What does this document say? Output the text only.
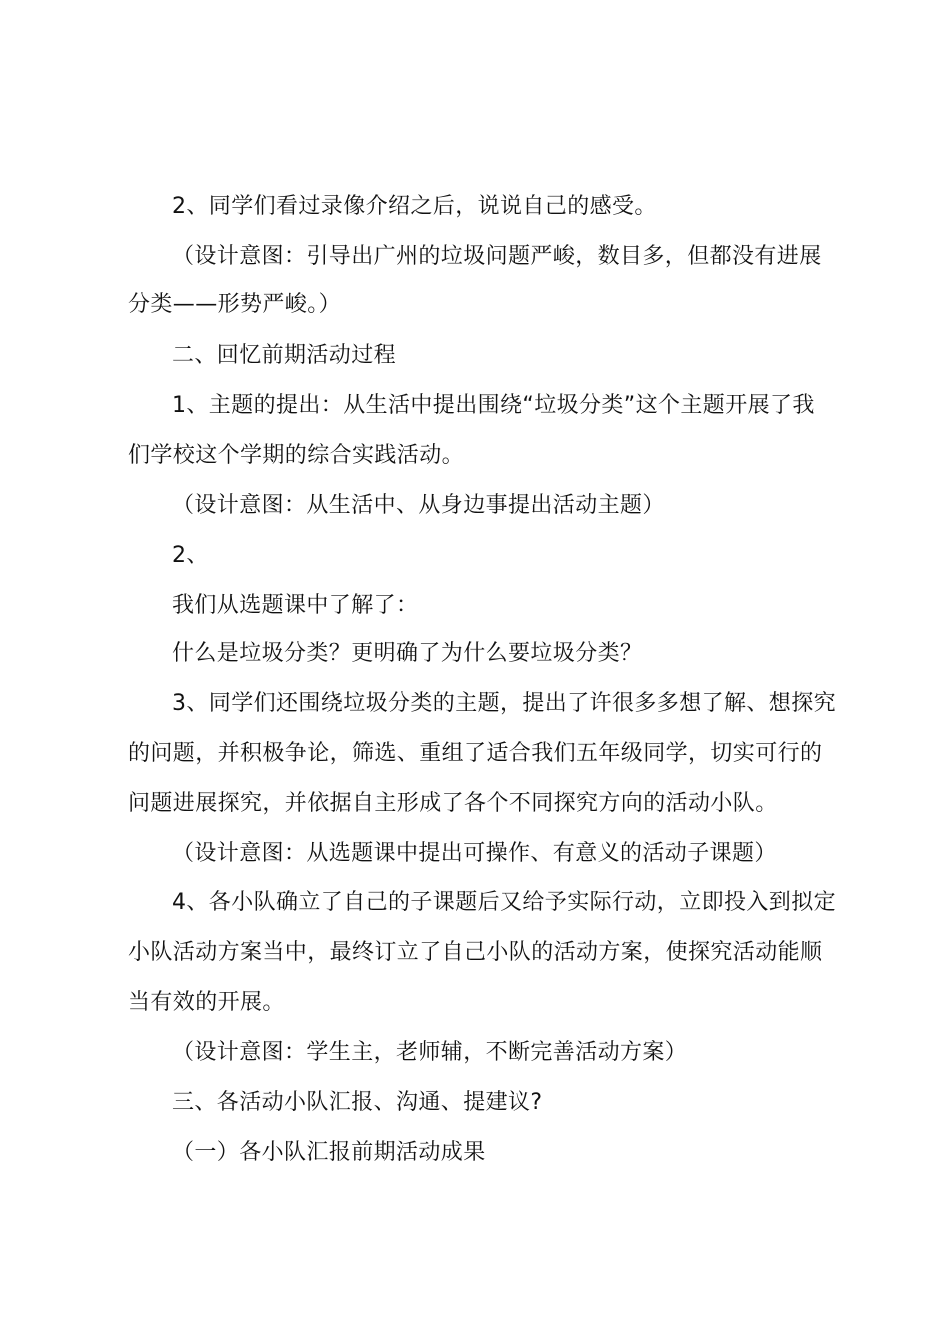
2、同学们看过录像介绍之后，说说自己的感受。
（设计意图：引导出广州的垃圾问题严峻，数目多，但都没有进展
分类——形势严峻。）
二、回忆前期活动过程
1、主题的提出：从生活中提出围绕“垃圾分类”这个主题开展了我
们学校这个学期的综合实践活动。
（设计意图：从生活中、从身边事提出活动主题）
2、
我们从选题课中了解了：
什么是垃圾分类？更明确了为什么要垃圾分类？
3、同学们还围绕垃圾分类的主题，提出了许很多多想了解、想探究
的问题，并积极争论，筛选、重组了适合我们五年级同学，切实可行的
问题进展探究，并依据自主形成了各个不同探究方向的活动小队。
（设计意图：从选题课中提出可操作、有意义的活动子课题）
4、各小队确立了自己的子课题后又给予实际行动，立即投入到拟定
小队活动方案当中，最终订立了自己小队的活动方案，使探究活动能顺
当有效的开展。
（设计意图：学生主，老师辅，不断完善活动方案）
三、各活动小队汇报、沟通、提建议?
（一）各小队汇报前期活动成果
